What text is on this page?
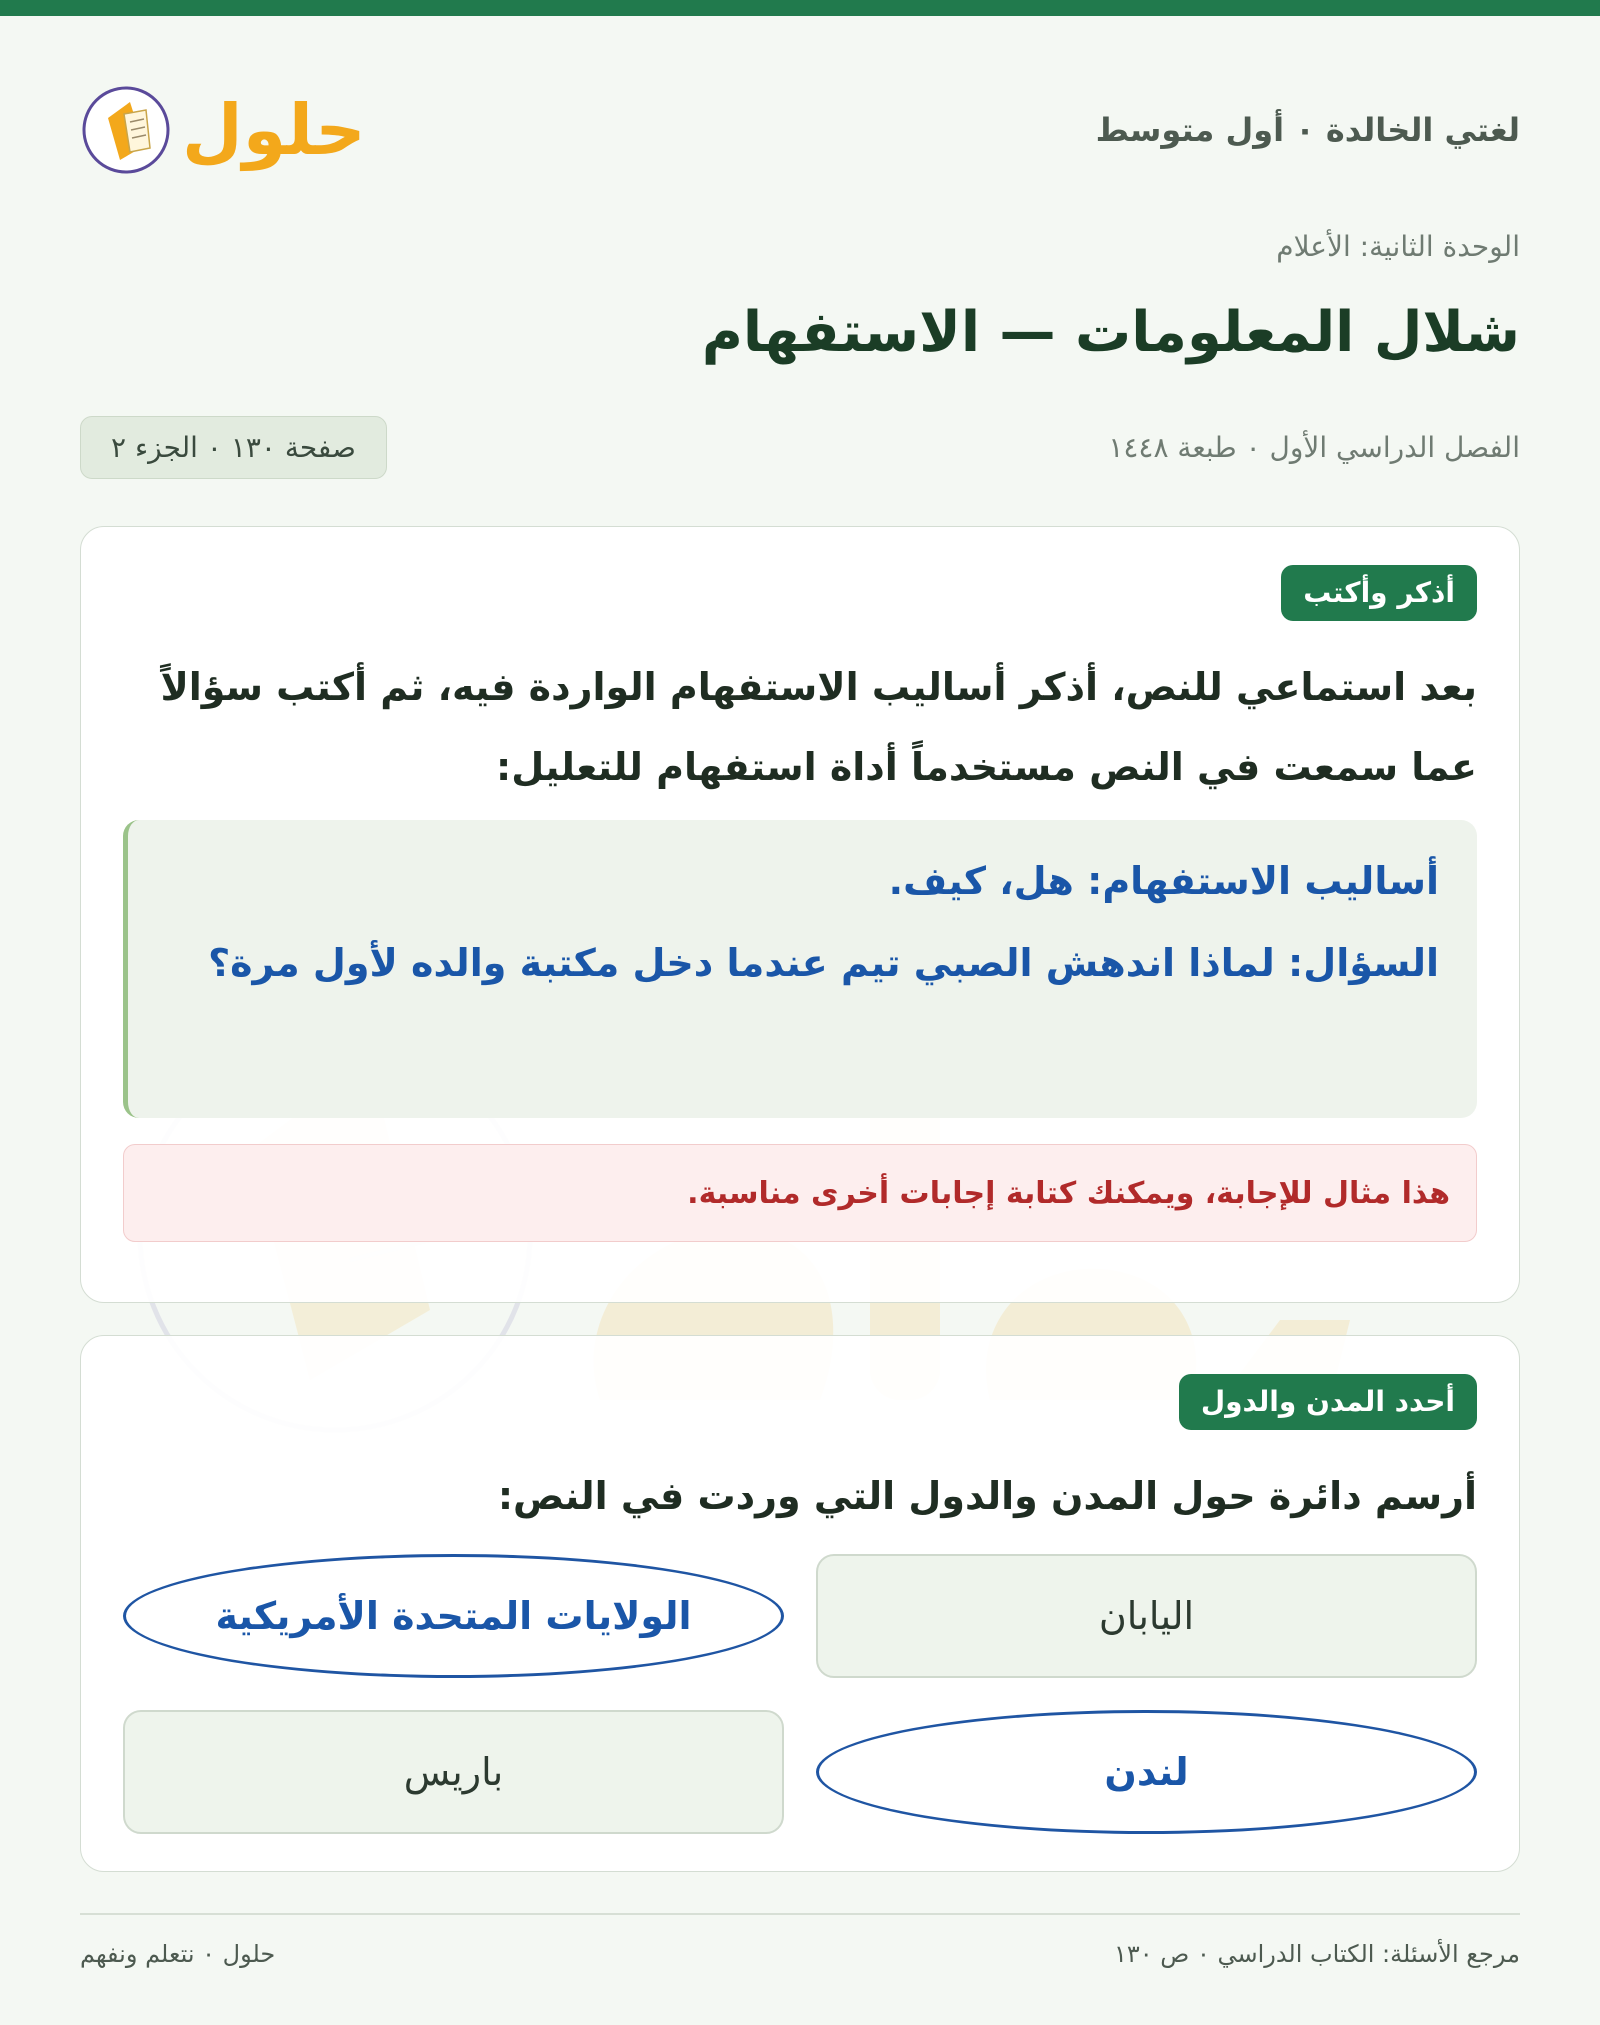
لغتي الخالدة ٠ أول متوسط
حلول
الوحدة الثانية: الأعلام
شلال المعلومات — الاستفهام
الفصل الدراسي الأول ٠ طبعة ١٤٤٨
صفحة ١٣٠ ٠ الجزء ٢
أذكر وأكتب
بعد استماعي للنص، أذكر أساليب الاستفهام الواردة فيه، ثم أكتب سؤالاً عما سمعت في النص مستخدماً أداة استفهام للتعليل:
أساليب الاستفهام: هل، كيف.
السؤال: لماذا اندهش الصبي تيم عندما دخل مكتبة والده لأول مرة؟
هذا مثال للإجابة، ويمكنك كتابة إجابات أخرى مناسبة.
أحدد المدن والدول
أرسم دائرة حول المدن والدول التي وردت في النص:
اليابان
الولايات المتحدة الأمريكية
لندن
باريس
مرجع الأسئلة: الكتاب الدراسي ٠ ص ١٣٠
حلول ٠ نتعلم ونفهم
